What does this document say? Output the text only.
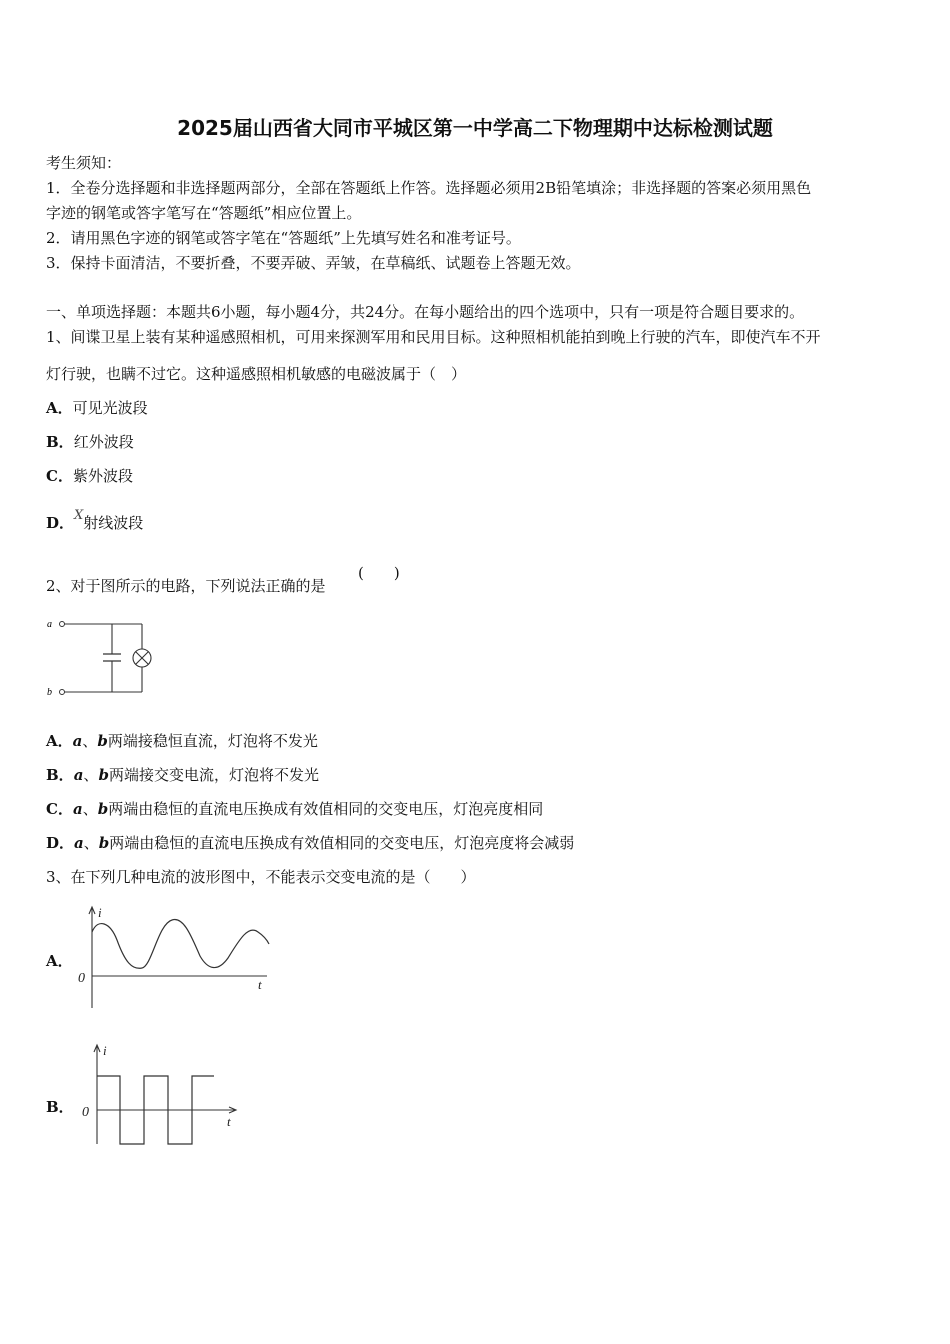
2025届山西省大同市平城区第一中学高二下物理期中达标检测试题
考生须知：
1．全卷分选择题和非选择题两部分，全部在答题纸上作答。选择题必须用2B铅笔填涂；非选择题的答案必须用黑色
字迹的钢笔或答字笔写在“答题纸”相应位置上。
2．请用黑色字迹的钢笔或答字笔在“答题纸”上先填写姓名和准考证号。
3．保持卡面清洁，不要折叠，不要弄破、弄皱，在草稿纸、试题卷上答题无效。
一、单项选择题：本题共6小题，每小题4分，共24分。在每小题给出的四个选项中，只有一项是符合题目要求的。
1、间谍卫星上装有某种遥感照相机，可用来探测军用和民用目标。这种照相机能拍到晚上行驶的汽车，即使汽车不开
灯行驶，也瞒不过它。这种遥感照相机敏感的电磁波属于（　）
A．可见光波段
B．红外波段
C．紫外波段
D．X射线波段
2、对于图所示的电路，下列说法正确的是
(　　)
a
b
A．a、b两端接稳恒直流，灯泡将不发光
B．a、b两端接交变电流，灯泡将不发光
C．a、b两端由稳恒的直流电压换成有效值相同的交变电压，灯泡亮度相同
D．a、b两端由稳恒的直流电压换成有效值相同的交变电压，灯泡亮度将会减弱
3、在下列几种电流的波形图中，不能表示交变电流的是（　　）
A．
i
0	t
B．
i
0
t
